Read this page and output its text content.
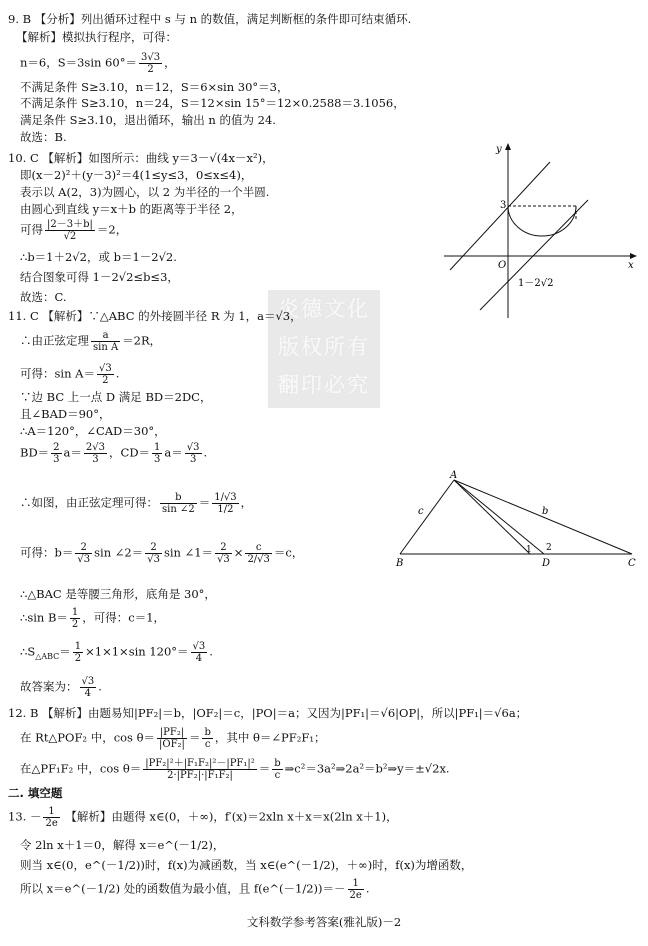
9. B 【分析】列出循环过程中 s 与 n 的数值，满足判断框的条件即可结束循环.
【解析】模拟执行程序，可得：
n＝6，S＝3sin $60^\circ= \frac{3√3}{2}$ ，
不满足条件 S≥3.10，n＝12，S＝6×sin 30°＝3，
不满足条件 S≥3.10，n＝24，S＝12×sin 15°＝12×0.2588＝3.1056，
满足条件 S≥3.10，退出循环，输出 n 的值为 24.
故选：B.
10. C 【解析】如图所示：曲线 y＝3－√(4x－x²)，
即(x－2)²＋(y－3)²＝4(1≤y≤3，0≤x≤4)，
表示以 A(2，3)为圆心，以 2 为半径的一个半圆.
由圆心到直线 y＝x＋b 的距离等于半径 2，
可得 $\frac{|2-3+b|}{√2} =2$，
∴b＝1＋2√2，或 b＝1－2√2.
结合图象可得 1－2√2≤b≤3，
故选：C.
y
x
O
3
1－2√2
炎德文化
版权所有
翻印必究
11. C 【解析】∵△ABC 的外接圆半径 R 为 1，a＝√3，
∴由正弦定理 $\frac{a}{\text{sin A}} =2R$，
可得：$\sin A= \frac{√3}{2}$ .
∵边 BC 上一点 D 满足 BD＝2DC，
且∠BAD＝90°，
∴A＝120°，∠CAD＝30°，
$BD= \frac{2}{3} a= \frac{2√3}{3}$ ，$CD= \frac{1}{3} a= \frac{√3}{3}$ .
∴如图，由正弦定理可得： $\frac{b}{\sin \angle 2} = \frac{1/√3}{1/2}$ ，
可得：$b= \frac{2}{√3}$ sin ∠2＝ $\frac{2}{√3}$ sin ∠1＝ $\frac{2}{√3} \times \frac{c}{2/√3} =c$，
∴△BAC 是等腰三角形，底角是 30°，
∴sin $B= \frac{1}{2}$ ，可得：c＝1，
$\therefore S_{\triangle ABC}= \frac{1}{2} \times 1\times 1\times\sin$ $120^\circ= \frac{√3}{4}$ .
故答案为： $\frac{√3}{4}$ .
A
B	C
D
c	b
1 2
12. B 【解析】由题易知|PF₂|＝b，|OF₂|＝c，|PO|＝a；又因为|PF₁|＝√6|OP|，所以|PF₁|＝√6a；
在 Rt△POF₂ 中，$\cos \theta= \frac{\text{|PF₂|}}{\text{|OF₂|}} = \frac{b}{c}$ ，其中 θ＝∠PF₂F₁；
在△PF₁F₂ 中，$\cos \theta= \frac{\text{|PF₂|²＋|F₁F₂|²－|PF₁|²}}{\text{2·|PF₂|·|F₁F₂|}} = \frac{b}{c}$ ⇒c²＝3a²⇒2a²＝b²⇒y＝±√2x.
二. 填空题
13. － $\frac{1}{2e}$ 【解析】由题得 x∈(0，＋∞)，f′(x)＝2xln x＋x＝x(2ln x＋1)，
令 2ln x＋1＝0，解得 x＝e^(－1/2)，
则当 x∈(0，e^(－1/2))时，f(x)为减函数，当 x∈(e^(－1/2)，＋∞)时，f(x)为增函数，
所以 x＝e^(－1/2) 处的函数值为最小值，且 f(e^(－1/2))＝－ $\frac{1}{2e}$ .
文科数学参考答案(雅礼版)－2
